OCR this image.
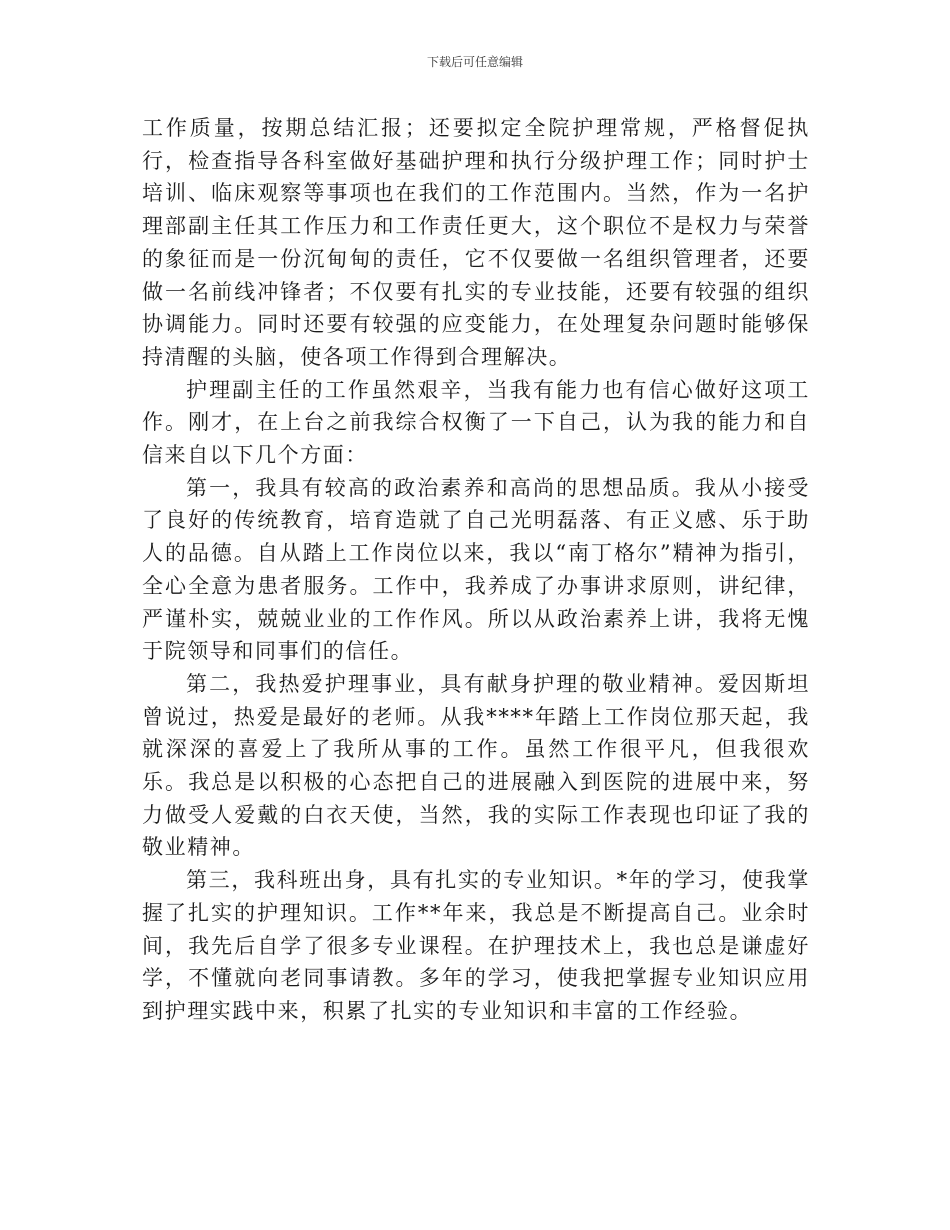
下载后可任意编辑

工作质量，按期总结汇报；还要拟定全院护理常规，严格督促执行，检查指导各科室做好基础护理和执行分级护理工作；同时护士培训、临床观察等事项也在我们的工作范围内。当然，作为一名护理部副主任其工作压力和工作责任更大，这个职位不是权力与荣誉的象征而是一份沉甸甸的责任，它不仅要做一名组织管理者，还要做一名前线冲锋者；不仅要有扎实的专业技能，还要有较强的组织协调能力。同时还要有较强的应变能力，在处理复杂问题时能够保持清醒的头脑，使各项工作得到合理解决。

护理副主任的工作虽然艰辛，当我有能力也有信心做好这项工作。刚才，在上台之前我综合权衡了一下自己，认为我的能力和自信来自以下几个方面：

第一，我具有较高的政治素养和高尚的思想品质。我从小接受了良好的传统教育，培育造就了自己光明磊落、有正义感、乐于助人的品德。自从踏上工作岗位以来，我以“南丁格尔”精神为指引，全心全意为患者服务。工作中，我养成了办事讲求原则，讲纪律，严谨朴实，兢兢业业的工作作风。所以从政治素养上讲，我将无愧于院领导和同事们的信任。

第二，我热爱护理事业，具有献身护理的敬业精神。爱因斯坦曾说过，热爱是最好的老师。从我****年踏上工作岗位那天起，我就深深的喜爱上了我所从事的工作。虽然工作很平凡，但我很欢乐。我总是以积极的心态把自己的进展融入到医院的进展中来，努力做受人爱戴的白衣天使，当然，我的实际工作表现也印证了我的敬业精神。

第三，我科班出身，具有扎实的专业知识。*年的学习，使我掌握了扎实的护理知识。工作**年来，我总是不断提高自己。业余时间，我先后自学了很多专业课程。在护理技术上，我也总是谦虚好学，不懂就向老同事请教。多年的学习，使我把掌握专业知识应用到护理实践中来，积累了扎实的专业知识和丰富的工作经验。
